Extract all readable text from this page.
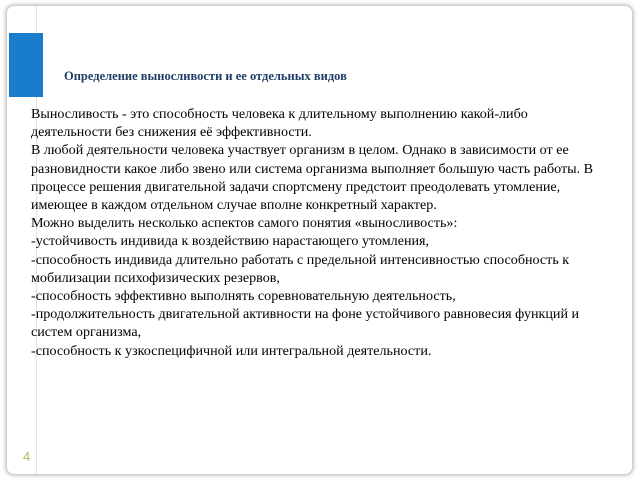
Определение выносливости и ее отдельных видов

Выносливость - это способность человека к длительному выполнению какой-либо деятельности без снижения её эффективности.

В любой деятельности человека участвует организм в целом. Однако в зависимости от ее разновидности какое либо звено или система организма выполняет большую часть работы. В процессе решения двигательной задачи спортсмену предстоит преодолевать утомление, имеющее в каждом отдельном случае вполне конкретный характер.

Можно выделить несколько аспектов самого понятия «выносливость»:

-устойчивость индивида к воздействию нарастающего утомления,

-способность индивида длительно работать с предельной интенсивностью способность к мобилизации психофизических резервов,

-способность эффективно выполнять соревновательную деятельность,

-продолжительность двигательной активности на фоне устойчивого равновесия функций и систем организма,

-способность к узкоспецифичной или интегральной деятельности.

4
